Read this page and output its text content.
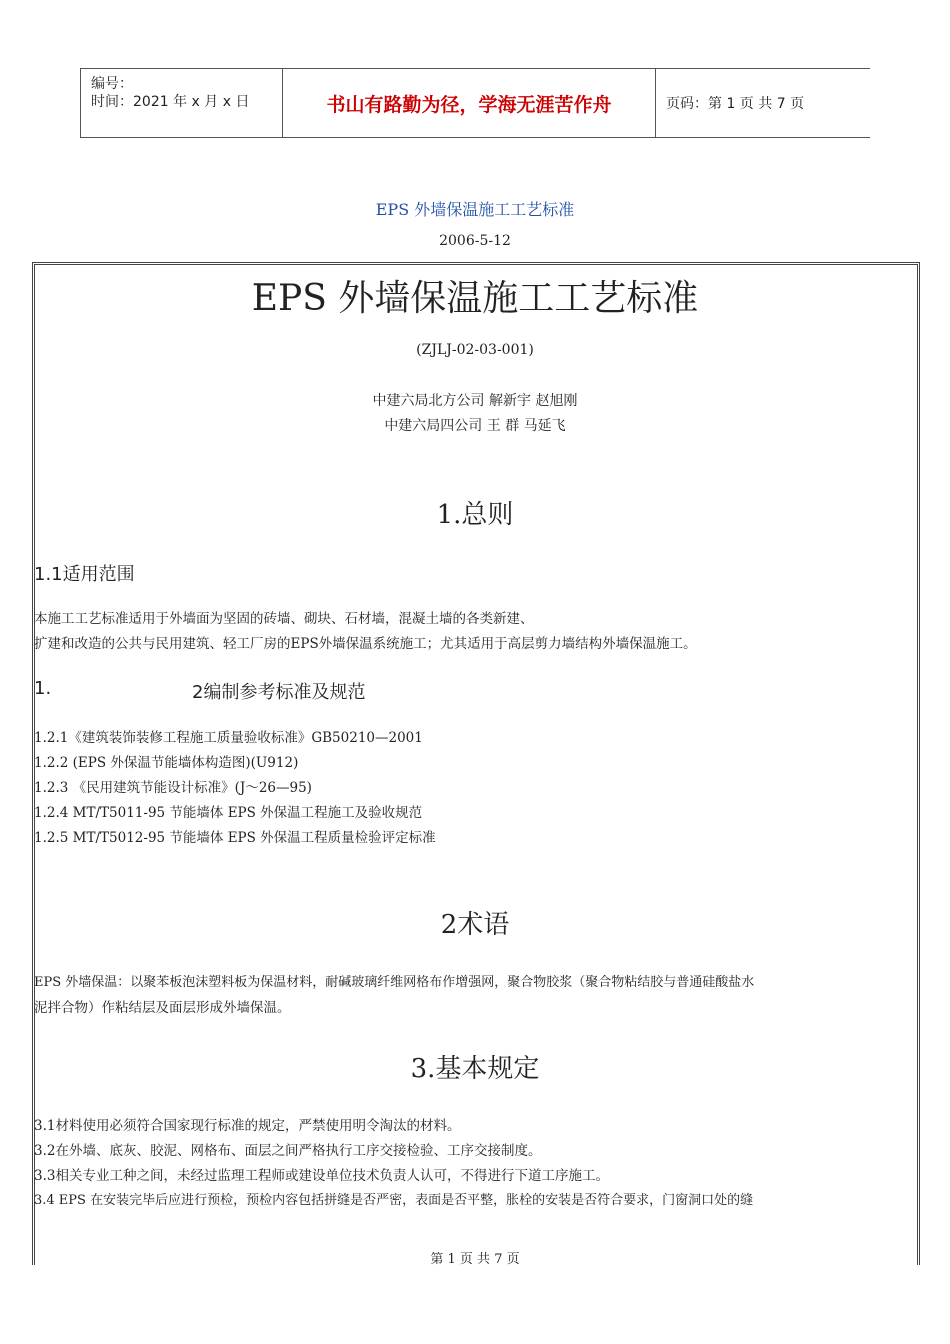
编号：
时间：2021 年 x 月 x 日	书山有路勤为径，学海无涯苦作舟	页码：第 1 页 共 7 页
EPS 外墙保温施工工艺标准
2006-5-12
EPS 外墙保温施工工艺标准
(ZJLJ-02-03-001)
中建六局北方公司 解新宇 赵旭刚
中建六局四公司 王 群 马延飞
1.总则
1.1适用范围
本施工工艺标准适用于外墙面为坚固的砖墙、砌块、石材墙，混凝土墙的各类新建、
扩建和改造的公共与民用建筑、轻工厂房的EPS外墙保温系统施工；尤其适用于高层剪力墙结构外墙保温施工。
1.	2编制参考标准及规范
1.2.1《建筑装饰装修工程施工质量验收标准》GB50210—2001
1.2.2 (EPS 外保温节能墙体构造图)(U912)
1.2.3 《民用建筑节能设计标准》(J～26—95)
1.2.4 MT/T5011-95 节能墙体 EPS 外保温工程施工及验收规范
1.2.5 MT/T5012-95 节能墙体 EPS 外保温工程质量检验评定标准
2术语
EPS 外墙保温：以聚苯板泡沫塑料板为保温材料，耐碱玻璃纤维网格布作增强网，聚合物胶浆（聚合物粘结胶与普通硅酸盐水
泥拌合物）作粘结层及面层形成外墙保温。
3.基本规定
3.1材料使用必须符合国家现行标准的规定，严禁使用明令淘汰的材料。
3.2在外墙、底灰、胶泥、网格布、面层之间严格执行工序交接检验、工序交接制度。
3.3相关专业工种之间，未经过监理工程师或建设单位技术负责人认可，不得进行下道工序施工。
3.4 EPS 在安装完毕后应进行预检，预检内容包括拼缝是否严密，表面是否平整，胀栓的安装是否符合要求，门窗洞口处的缝
第 1 页 共 7 页
